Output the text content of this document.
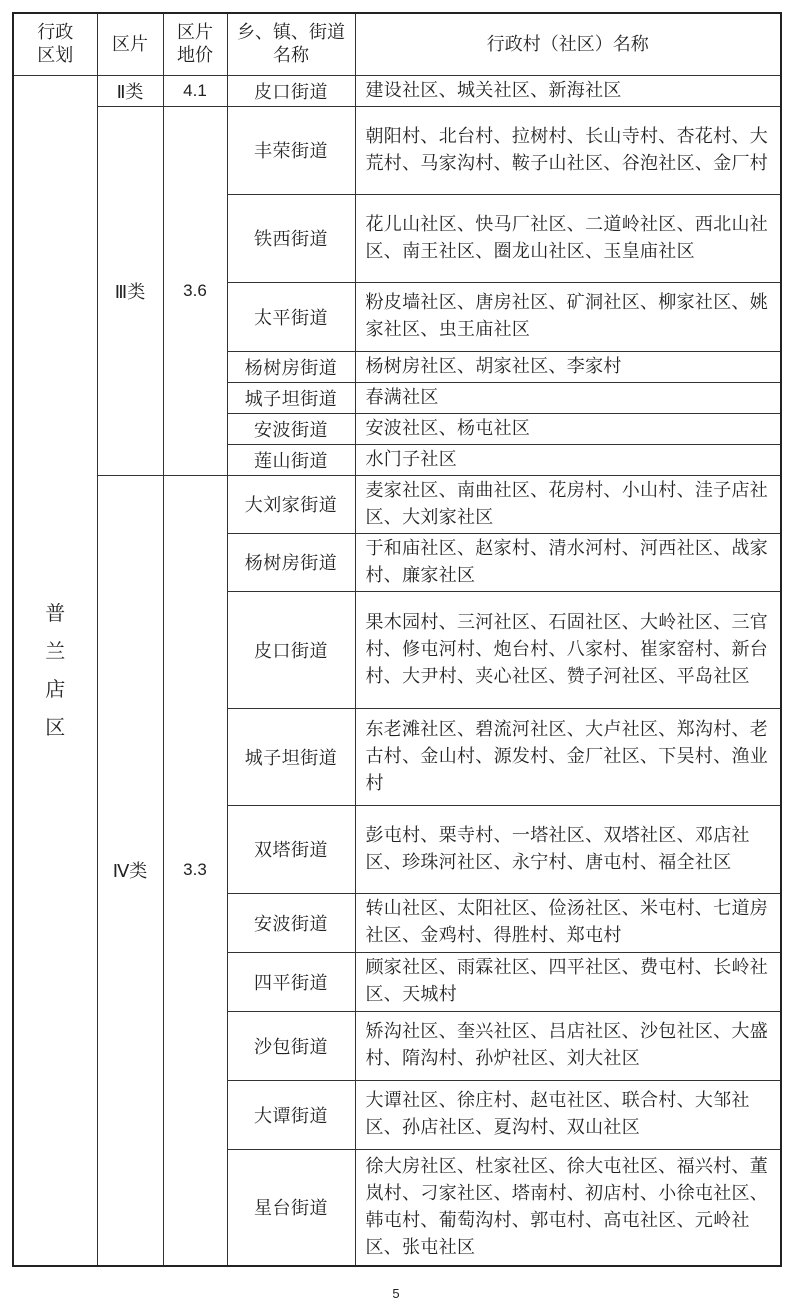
行政区划	区片	区片地价	乡、镇、街道名称	行政村（社区）名称
普兰店区	Ⅱ类	4.1	皮口街道	建设社区、城关社区、新海社区
	Ⅲ类	3.6	丰荣街道	朝阳村、北台村、拉树村、长山寺村、杏花村、大荒村、马家沟村、鞍子山社区、谷泡社区、金厂村
			铁西街道	花儿山社区、快马厂社区、二道岭社区、西北山社区、南王社区、圈龙山社区、玉皇庙社区
			太平街道	粉皮墙社区、唐房社区、矿洞社区、柳家社区、姚家社区、虫王庙社区
			杨树房街道	杨树房社区、胡家社区、李家村
			城子坦街道	春满社区
			安波街道	安波社区、杨屯社区
			莲山街道	水门子社区
	Ⅳ类	3.3	大刘家街道	麦家社区、南曲社区、花房村、小山村、洼子店社区、大刘家社区
			杨树房街道	于和庙社区、赵家村、清水河村、河西社区、战家村、廉家社区
			皮口街道	果木园村、三河社区、石固社区、大岭社区、三官村、修屯河村、炮台村、八家村、崔家窑村、新台村、大尹村、夹心社区、赞子河社区、平岛社区
			城子坦街道	东老滩社区、碧流河社区、大卢社区、郑沟村、老古村、金山村、源发村、金厂社区、下吴村、渔业村
			双塔街道	彭屯村、栗寺村、一塔社区、双塔社区、邓店社区、珍珠河社区、永宁村、唐屯村、福全社区
			安波街道	转山社区、太阳社区、俭汤社区、米屯村、七道房社区、金鸡村、得胜村、郑屯村
			四平街道	顾家社区、雨霖社区、四平社区、费屯村、长岭社区、天城村
			沙包街道	矫沟社区、奎兴社区、吕店社区、沙包社区、大盛村、隋沟村、孙炉社区、刘大社区
			大谭街道	大谭社区、徐庄村、赵屯社区、联合村、大邹社区、孙店社区、夏沟村、双山社区
			星台街道	徐大房社区、杜家社区、徐大屯社区、福兴村、董岚村、刁家社区、塔南村、初店村、小徐屯社区、韩屯村、葡萄沟村、郭屯村、高屯社区、元岭社区、张屯社区
5
